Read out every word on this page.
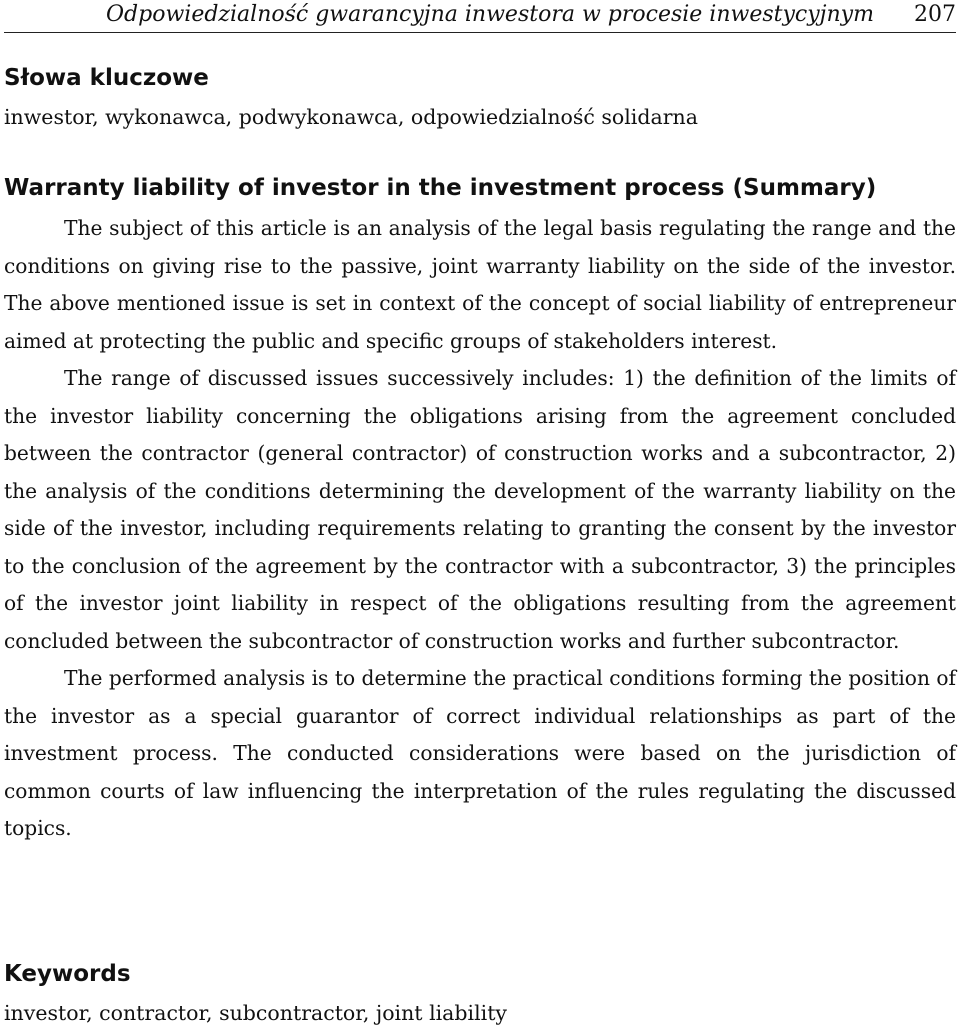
Odpowiedzialność gwarancyjna inwestora w procesie inwestycyjnym 207
Słowa kluczowe
inwestor, wykonawca, podwykonawca, odpowiedzialność solidarna
Warranty liability of investor in the investment process (Summary)

The subject of this article is an analysis of the legal basis regulating the range and the conditions on giving rise to the passive, joint warranty liability on the side of the investor. The above mentioned issue is set in context of the concept of social liability of entrepreneur aimed at protecting the public and specific groups of stakeholders interest.

The range of discussed issues successively includes: 1) the definition of the limits of the investor liability concerning the obligations arising from the agreement concluded between the contractor (general contractor) of construction works and a subcontractor, 2) the analysis of the conditions determining the development of the warranty liability on the side of the investor, including requirements relating to granting the consent by the investor to the conclusion of the agreement by the contractor with a subcontractor, 3) the principles of the investor joint liability in respect of the obligations resulting from the agreement concluded between the subcontractor of construction works and further subcontractor.

The performed analysis is to determine the practical conditions forming the position of the investor as a special guarantor of correct individual relationships as part of the investment process. The conducted considerations were based on the jurisdiction of common courts of law influencing the interpretation of the rules regulating the discussed topics.

Keywords
investor, contractor, subcontractor, joint liability
